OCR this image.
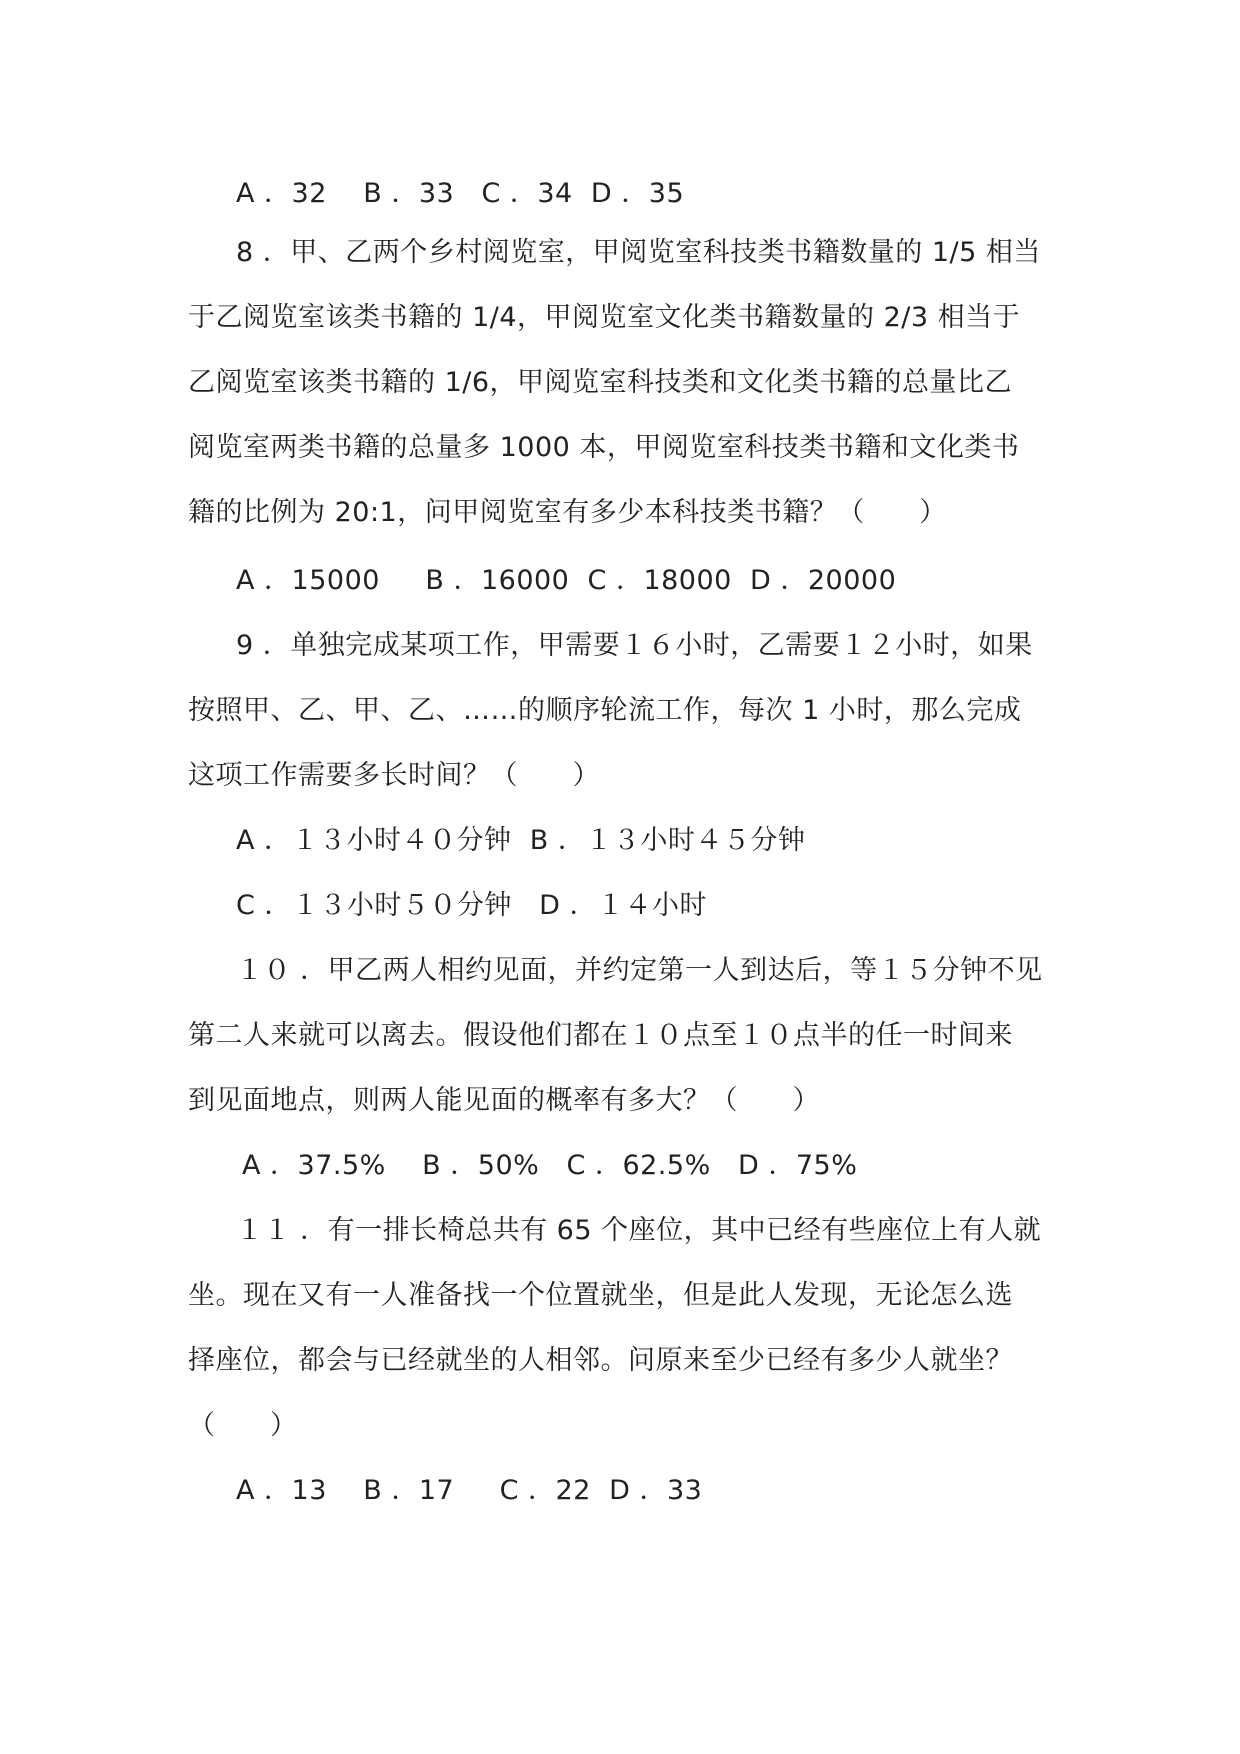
A ．32    B ．33   C ．34  D ．35
8 ．甲、乙两个乡村阅览室，甲阅览室科技类书籍数量的 1/5 相当
于乙阅览室该类书籍的 1/4，甲阅览室文化类书籍数量的 2/3 相当于
乙阅览室该类书籍的 1/6，甲阅览室科技类和文化类书籍的总量比乙
阅览室两类书籍的总量多 1000 本，甲阅览室科技类书籍和文化类书
籍的比例为 20:1，问甲阅览室有多少本科技类书籍？（      ）
A ．15000     B ．16000  C ．18000  D ．20000
9 ．单独完成某项工作，甲需要１６小时，乙需要１２小时，如果
按照甲、乙、甲、乙、……的顺序轮流工作，每次 1 小时，那么完成
这项工作需要多长时间？（      ）
A ．１３小时４０分钟  B ．１３小时４５分钟
C ．１３小时５０分钟   D ．１４小时
１０ ．甲乙两人相约见面，并约定第一人到达后，等１５分钟不见
第二人来就可以离去。假设他们都在１０点至１０点半的任一时间来
到见面地点，则两人能见面的概率有多大？（      ）
A ．37.5%    B ．50%   C ．62.5%   D ．75%
１１ ．有一排长椅总共有 65 个座位，其中已经有些座位上有人就
坐。现在又有一人准备找一个位置就坐，但是此人发现，无论怎么选
择座位，都会与已经就坐的人相邻。问原来至少已经有多少人就坐？
（      ）
A ．13    B ．17     C ．22  D ．33
